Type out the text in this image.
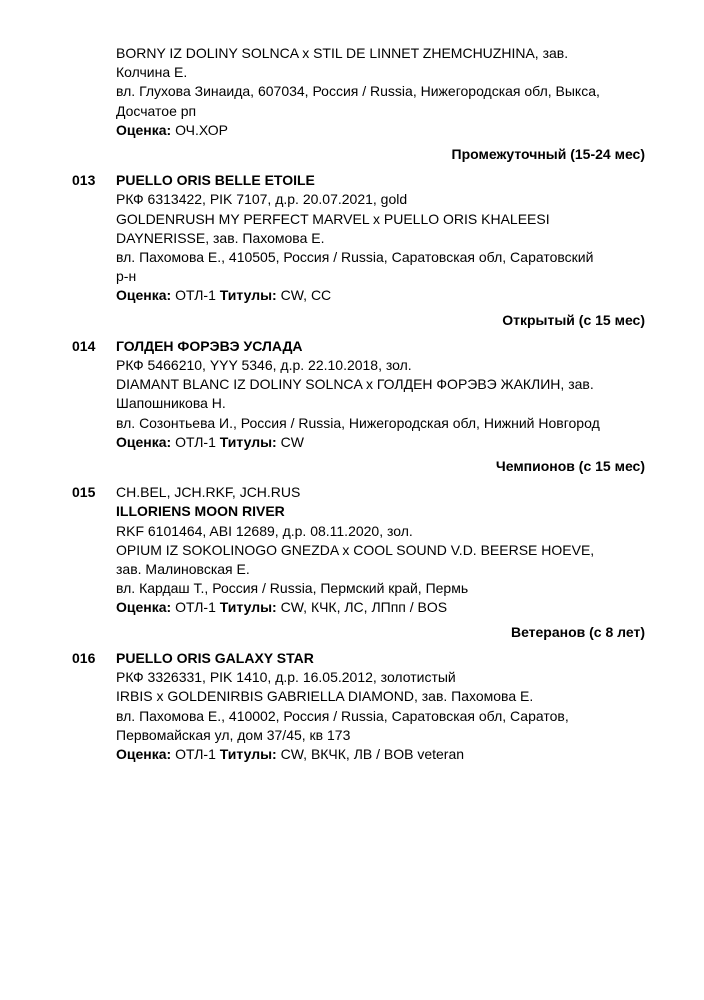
BORNY IZ DOLINY SOLNCA x STIL DE LINNET ZHEMCHUZHINA, зав.
Колчина Е.
вл. Глухова Зинаида, 607034, Россия / Russia, Нижегородская обл, Выкса,
Досчатое рп
Оценка: ОЧ.ХОР
Промежуточный (15-24 мес)
013	PUELLO ORIS BELLE ETOILE
РКФ 6313422, PIK 7107, д.р. 20.07.2021, gold
GOLDENRUSH MY PERFECT MARVEL x PUELLO ORIS KHALEESI
DAYNERISSE, зав. Пахомова Е.
вл. Пахомова Е., 410505, Россия / Russia, Саратовская обл, Саратовский
р-н
Оценка: ОТЛ-1 Титулы: CW, CC
Открытый (с 15 мес)
014	ГОЛДЕН ФОРЭВЭ УСЛАДА
РКФ 5466210, YYY 5346, д.р. 22.10.2018, зол.
DIAMANT BLANC IZ DOLINY SOLNCA x ГОЛДЕН ФОРЭВЭ ЖАКЛИН, зав.
Шапошникова Н.
вл. Созонтьева И., Россия / Russia, Нижегородская обл, Нижний Новгород
Оценка: ОТЛ-1 Титулы: CW
Чемпионов (с 15 мес)
015	CH.BEL, JCH.RKF, JCH.RUS
ILLORIENS MOON RIVER
RKF 6101464, ABI 12689, д.р. 08.11.2020, зол.
OPIUM IZ SOKOLINOGO GNEZDA x COOL SOUND V.D. BEERSE HOEVE,
зав. Малиновская Е.
вл. Кардаш Т., Россия / Russia, Пермский край, Пермь
Оценка: ОТЛ-1 Титулы: CW, КЧК, ЛС, ЛПпп / BOS
Ветеранов (с 8 лет)
016	PUELLO ORIS GALAXY STAR
РКФ 3326331, PIK 1410, д.р. 16.05.2012, золотистый
IRBIS x GOLDENIRBIS GABRIELLA DIAMOND, зав. Пахомова Е.
вл. Пахомова Е., 410002, Россия / Russia, Саратовская обл, Саратов,
Первомайская ул, дом 37/45, кв 173
Оценка: ОТЛ-1 Титулы: CW, ВКЧК, ЛВ / BOB veteran
